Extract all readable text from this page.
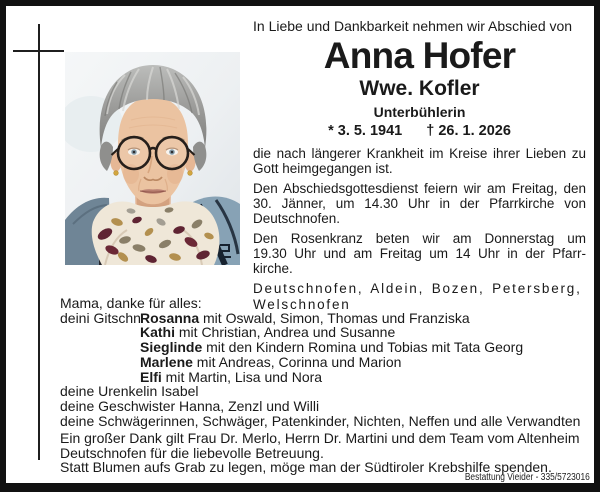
In Liebe und Dankbarkeit nehmen wir Abschied von
Anna Hofer
Wwe. Kofler
Unterbühlerin
* 3. 5. 1941 † 26. 1. 2026
die nach längerer Krankheit im Kreise ihrer Lieben zu
Gott heimgegangen ist.
Den Abschiedsgottesdienst feiern wir am Freitag, den
30. Jänner, um 14.30 Uhr in der Pfarrkirche von
Deutschnofen.
Den Rosenkranz beten wir am Donnerstag um
19.30 Uhr und am Freitag um 14 Uhr in der Pfarr-
kirche.
Deutschnofen, Aldein, Bozen, Petersberg,
Welschnofen
Mama, danke für alles:
deini GitschnRosanna mit Oswald, Simon, Thomas und Franziska
Kathi mit Christian, Andrea und Susanne
Sieglinde mit den Kindern Romina und Tobias mit Tata Georg
Marlene mit Andreas, Corinna und Marion
Elfi mit Martin, Lisa und Nora
deine Urenkelin Isabel
deine Geschwister Hanna, Zenzl und Willi
deine Schwägerinnen, Schwäger, Patenkinder, Nichten, Neffen und alle Verwandten
Ein großer Dank gilt Frau Dr. Merlo, Herrn Dr. Martini und dem Team vom Altenheim
Deutschnofen für die liebevolle Betreuung.
Statt Blumen aufs Grab zu legen, möge man der Südtiroler Krebshilfe spenden.
Bestattung Vieider - 335/5723016
